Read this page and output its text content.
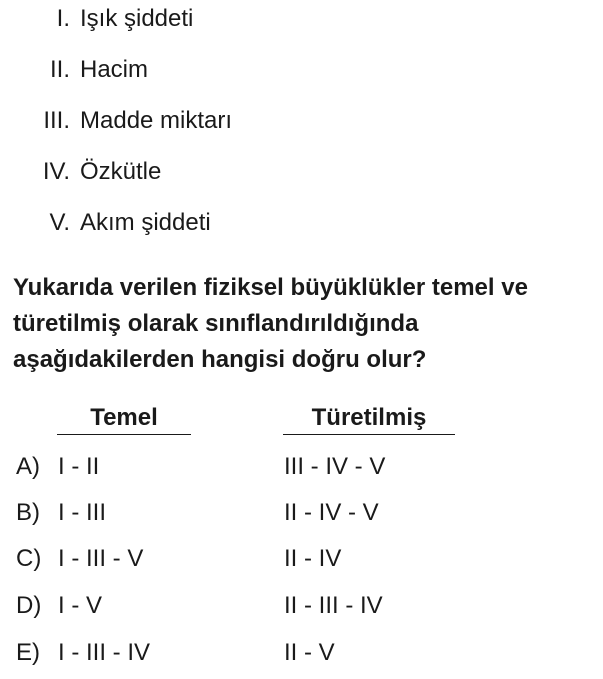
I. Işık şiddeti
II. Hacim
III. Madde miktarı
IV. Özkütle
V. Akım şiddeti
Yukarıda verilen fiziksel büyüklükler temel ve türetilmiş olarak sınıflandırıldığında aşağıdakilerden hangisi doğru olur?
Temel	Türetilmiş
A) I - II	III - IV - V
B) I - III	II - IV - V
C) I - III - V	II - IV
D) I - V	II - III - IV
E) I - III - IV	II - V
